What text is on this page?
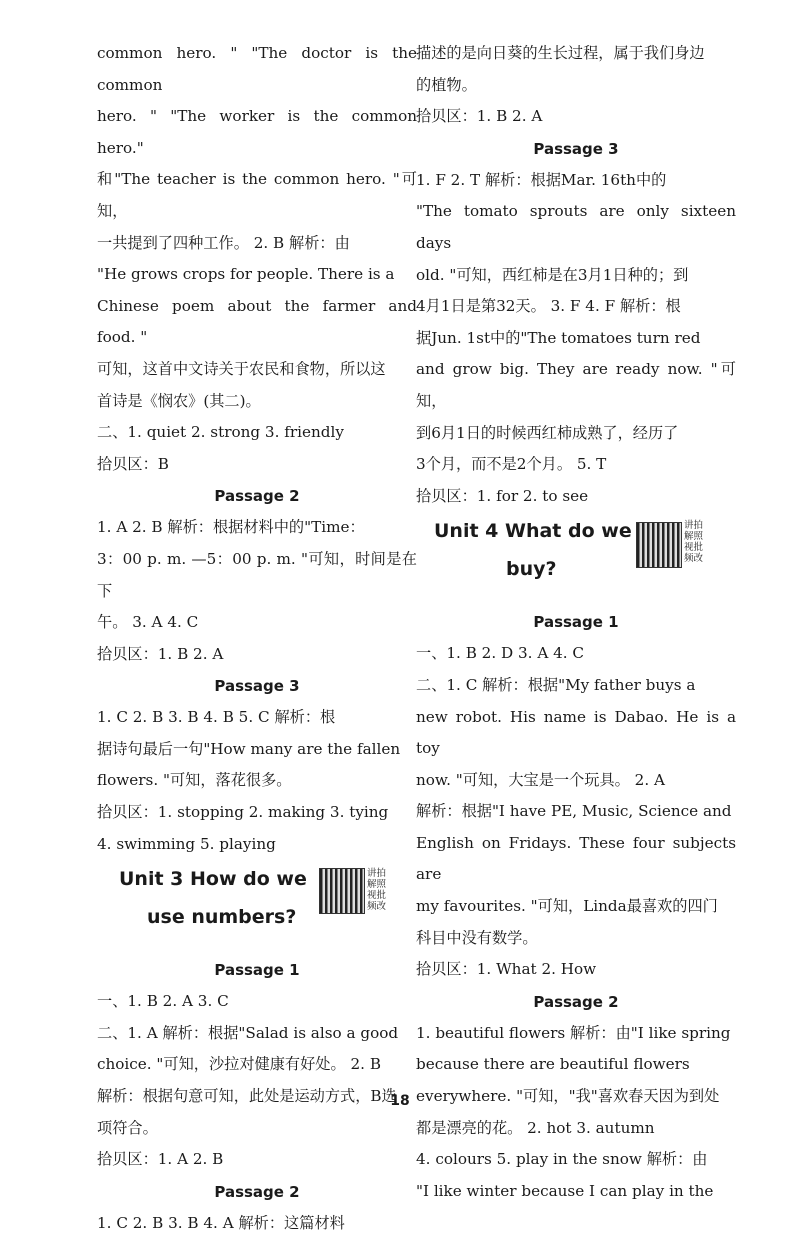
common hero. " "The doctor is the common

hero. " "The worker is the common hero."

和"The teacher is the common hero. "可知，

一共提到了四种工作。 2. B 解析：由

"He grows crops for people. There is a

Chinese poem about the farmer and food. "

可知，这首中文诗关于农民和食物，所以这

首诗是《悯农》(其二)。

二、1. quiet 2. strong 3. friendly

拾贝区：B

Passage 2

1. A 2. B 解析：根据材料中的"Time：

3：00 p. m. —5：00 p. m. "可知，时间是在下

午。 3. A 4. C

拾贝区：1. B 2. A

Passage 3

1. C 2. B 3. B 4. B 5. C 解析：根

据诗句最后一句"How many are the fallen

flowers. "可知，落花很多。

拾贝区：1. stopping 2. making 3. tying

4. swimming 5. playing

Unit 3 How do we
use numbers?
讲拍解照视批频改

Passage 1

一、1. B 2. A 3. C

二、1. A 解析：根据"Salad is also a good

choice. "可知，沙拉对健康有好处。 2. B

解析：根据句意可知，此处是运动方式，B选

项符合。

拾贝区：1. A 2. B

Passage 2

1. C 2. B 3. B 4. A 解析：这篇材料

描述的是向日葵的生长过程，属于我们身边

的植物。

拾贝区：1. B 2. A

Passage 3

1. F 2. T 解析：根据Mar. 16th中的

"The tomato sprouts are only sixteen days

old. "可知，西红柿是在3月1日种的；到

4月1日是第32天。 3. F 4. F 解析：根

据Jun. 1st中的"The tomatoes turn red

and grow big. They are ready now. "可知，

到6月1日的时候西红柿成熟了，经历了

3个月，而不是2个月。 5. T

拾贝区：1. for 2. to see

Unit 4 What do we
buy?
讲拍解照视批频改

Passage 1

一、1. B 2. D 3. A 4. C

二、1. C 解析：根据"My father buys a

new robot. His name is Dabao. He is a toy

now. "可知，大宝是一个玩具。 2. A

解析：根据"I have PE, Music, Science and

English on Fridays. These four subjects are

my favourites. "可知，Linda最喜欢的四门

科目中没有数学。

拾贝区：1. What 2. How

Passage 2

1. beautiful flowers 解析：由"I like spring

because there are beautiful flowers

everywhere. "可知，"我"喜欢春天因为到处

都是漂亮的花。 2. hot 3. autumn

4. colours 5. play in the snow 解析：由

"I like winter because I can play in the

18
